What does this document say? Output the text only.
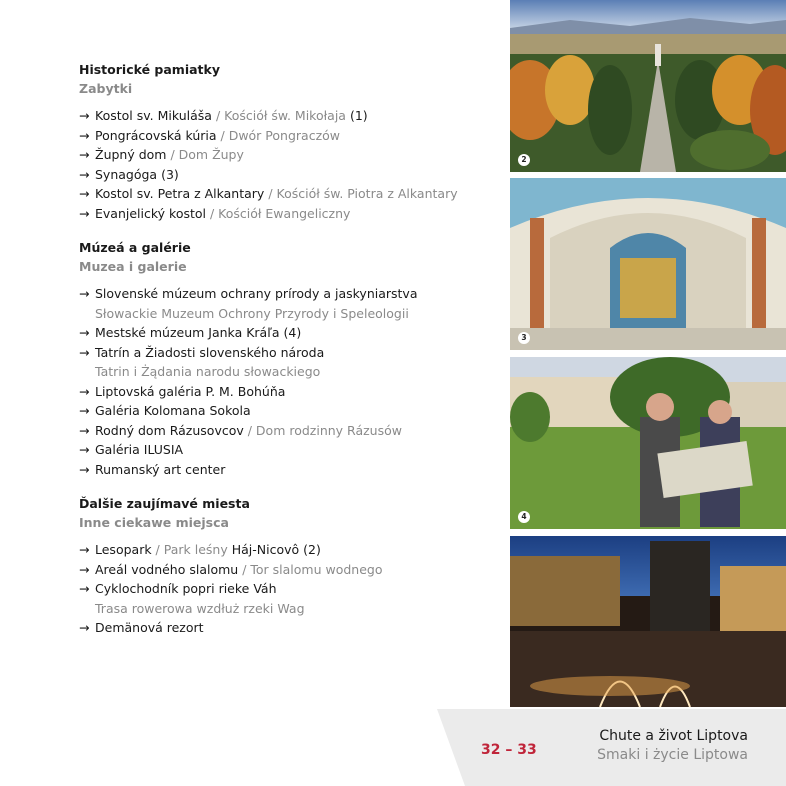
Historické pamiatky
Zabytki
→ Kostol sv. Mikuláša / Kościół św. Mikołaja (1)
→ Pongrácovská kúria / Dwór Pongraczów
→ Župný dom / Dom Župy
→ Synagóga (3)
→ Kostol sv. Petra z Alkantary / Kościół św. Piotra z Alkantary
→ Evanjelický kostol / Kościół Ewangeliczny
Múzeá a galérie
Muzea i galerie
→ Slovenské múzeum ochrany prírody a jaskyniarstva
Słowackie Muzeum Ochrony Przyrody i Speleologii
→ Mestské múzeum Janka Kráľa (4)
→ Tatrín a Žiadosti slovenského národa
Tatrin i Żądania narodu słowackiego
→ Liptovská galéria P. M. Bohúňa
→ Galéria Kolomana Sokola
→ Rodný dom Rázusovcov / Dom rodzinny Rázusów
→ Galéria ILUSIA
→ Rumanský art center
Ďalšie zaujímavé miesta
Inne ciekawe miejsca
→ Lesopark / Park leśny Háj-Nicovô (2)
→ Areál vodného slalomu / Tor slalomu wodnego
→ Cyklochodník popri rieke Váh
Trasa rowerowa wzdłuż rzeki Wag
→ Demänová rezort
2
3
4
32 – 33
Chute a život Liptova
Smaki i życie Liptowa
